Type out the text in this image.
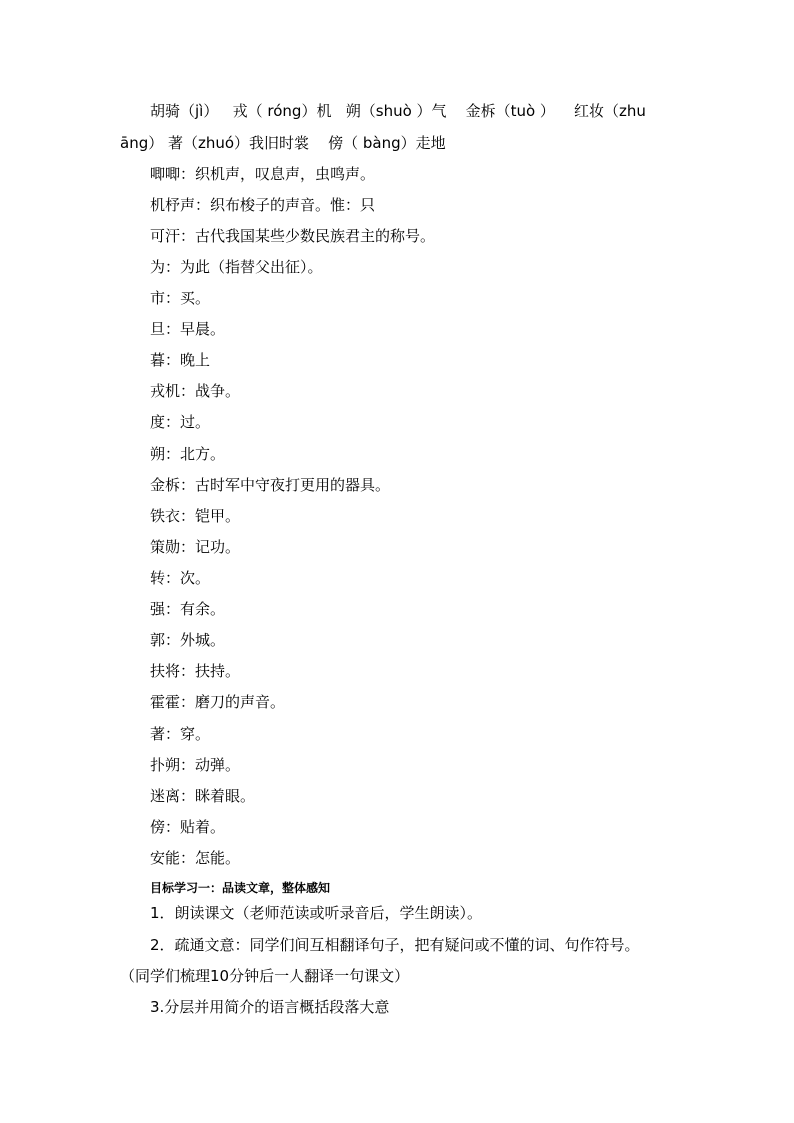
胡骑（jì）   戎（ róng）机   朔（shuò ）气    金柝（tuò ）    红妆（zhu
āng） 著（zhuó）我旧时裳    傍（ bàng）走地
唧唧：织机声，叹息声，虫鸣声。
机杼声：织布梭子的声音。惟：只
可汗：古代我国某些少数民族君主的称号。
为：为此（指替父出征）。
市：买。
旦：早晨。
暮：晚上
戎机：战争。
度：过。
朔：北方。
金柝：古时军中守夜打更用的器具。
铁衣：铠甲。
策勋：记功。
转：次。
强：有余。
郭：外城。
扶将：扶持。
霍霍：磨刀的声音。
著：穿。
扑朔：动弹。
迷离：眯着眼。
傍：贴着。
安能：怎能。
目标学习一：品读文章，整体感知
1．朗读课文（老师范读或听录音后，学生朗读）。
2．疏通文意：同学们间互相翻译句子，把有疑问或不懂的词、句作符号。
（同学们梳理10分钟后一人翻译一句课文）
3.分层并用简介的语言概括段落大意
